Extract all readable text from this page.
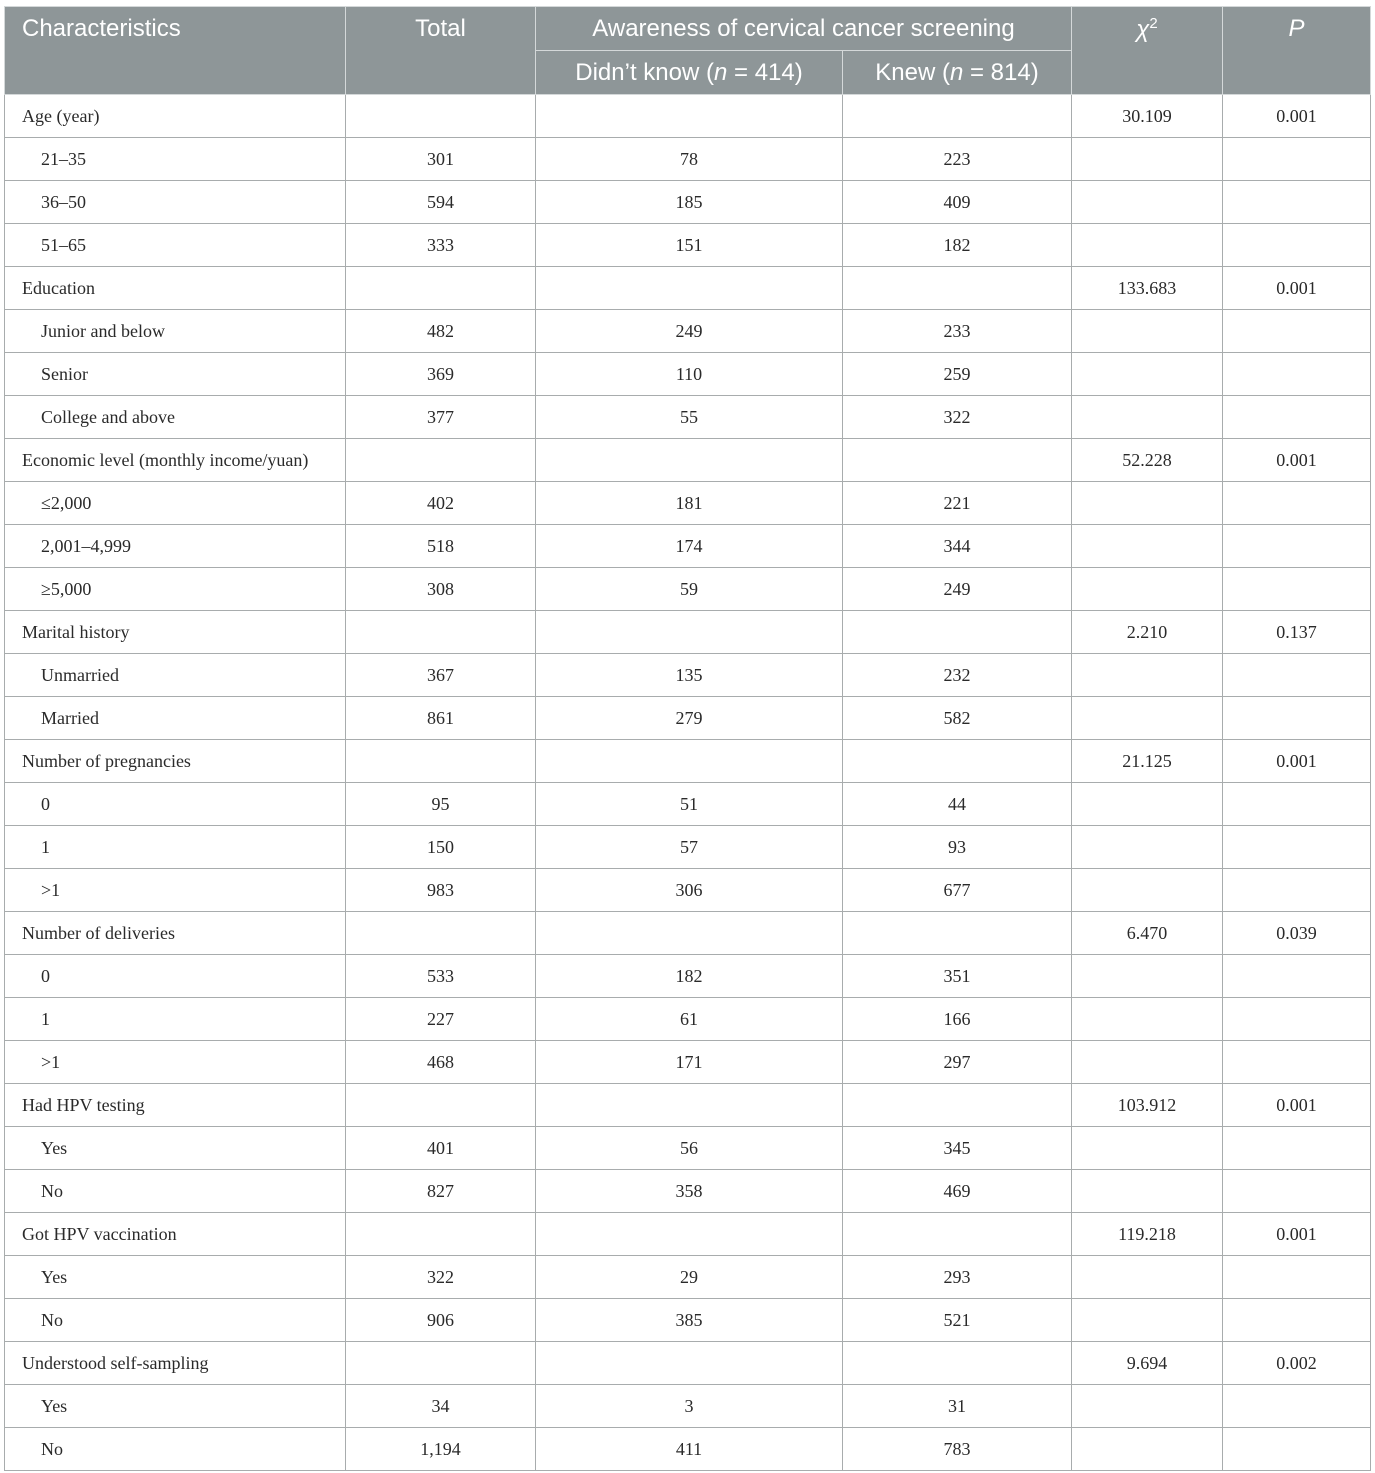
Characteristics	Total	Awareness of cervical cancer screening		$\chi^2$	P
		Didn’t know (n = 414)	Knew (n = 814)		
Age (year)				30.109	0.001
21–35	301	78	223		
36–50	594	185	409		
51–65	333	151	182		
Education				133.683	0.001
Junior and below	482	249	233		
Senior	369	110	259		
College and above	377	55	322		
Economic level (monthly income/yuan)				52.228	0.001
≤2,000	402	181	221		
2,001–4,999	518	174	344		
≥5,000	308	59	249		
Marital history				2.210	0.137
Unmarried	367	135	232		
Married	861	279	582		
Number of pregnancies				21.125	0.001
0	95	51	44		
1	150	57	93		
>1	983	306	677		
Number of deliveries				6.470	0.039
0	533	182	351		
1	227	61	166		
>1	468	171	297		
Had HPV testing				103.912	0.001
Yes	401	56	345		
No	827	358	469		
Got HPV vaccination				119.218	0.001
Yes	322	29	293		
No	906	385	521		
Understood self-sampling				9.694	0.002
Yes	34	3	31		
No	1,194	411	783		
